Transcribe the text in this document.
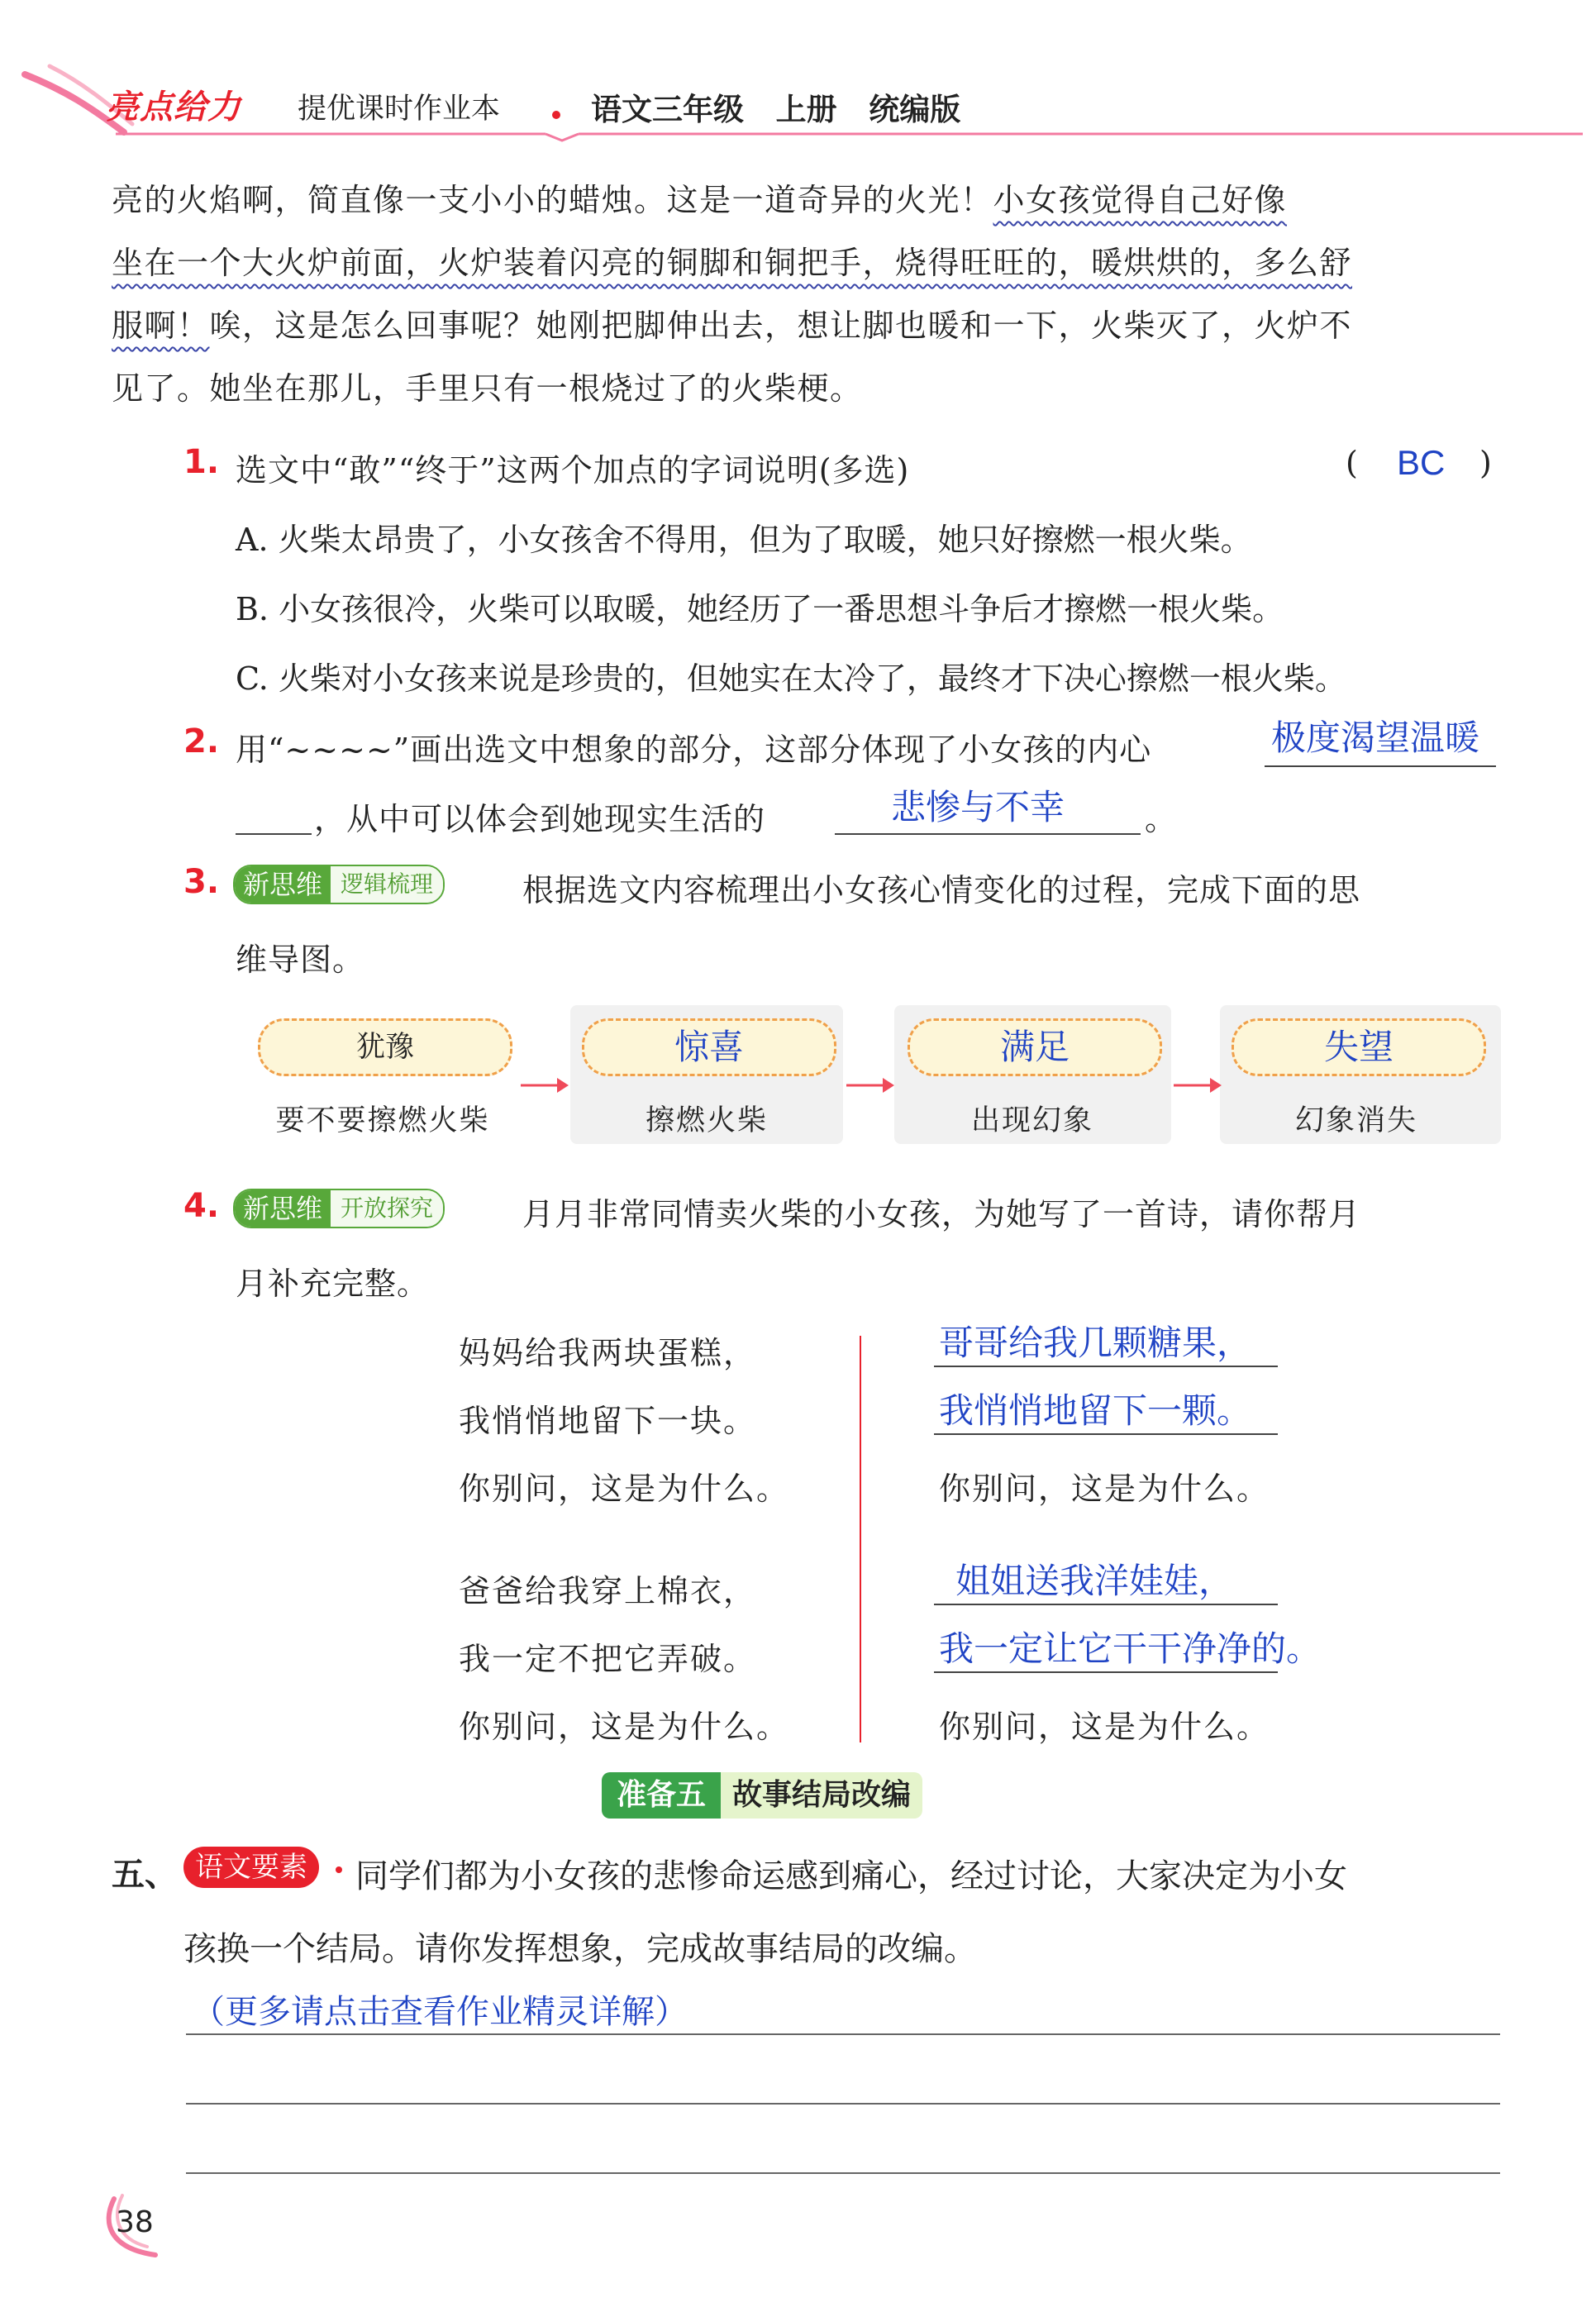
亮点给力 提优课时作业本	语文三年级   上册   统编版
亮的火焰啊，简直像一支小小的蜡烛。这是一道奇异的火光！小女孩觉得自己好像
坐在一个大火炉前面，火炉装着闪亮的铜脚和铜把手，烧得旺旺的，暖烘烘的，多么舒
服啊！唉，这是怎么回事呢？她刚把脚伸出去，想让脚也暖和一下，火柴灭了，火炉不
见了。她坐在那儿，手里只有一根烧过了的火柴梗。
1. 选文中“敢”“终于”这两个加点的字词说明(多选)	( BC )
A. 火柴太昂贵了，小女孩舍不得用，但为了取暖，她只好擦燃一根火柴。
B. 小女孩很冷，火柴可以取暖，她经历了一番思想斗争后才擦燃一根火柴。
C. 火柴对小女孩来说是珍贵的，但她实在太冷了，最终才下决心擦燃一根火柴。
2. 用“~~~~”画出选文中想象的部分，这部分体现了小女孩的内心	极度渴望温暖
，从中可以体会到她现实生活的	悲惨与不幸	。
3. 新思维 逻辑梳理	根据选文内容梳理出小女孩心情变化的过程，完成下面的思
维导图。
犹豫	惊喜	满足	失望
要不要擦燃火柴	擦燃火柴	出现幻象	幻象消失
4. 新思维 开放探究	月月非常同情卖火柴的小女孩，为她写了一首诗，请你帮月
月补充完整。
妈妈给我两块蛋糕，
我悄悄地留下一块。
你别问，这是为什么。
爸爸给我穿上棉衣，
我一定不把它弄破。
你别问，这是为什么。
哥哥给我几颗糖果，
我悄悄地留下一颗。
你别问，这是为什么。
姐姐送我洋娃娃，
我一定让它干干净净的。
你别问，这是为什么。
准备五 故事结局改编
五、 语文要素	同学们都为小女孩的悲惨命运感到痛心，经过讨论，大家决定为小女
孩换一个结局。请你发挥想象，完成故事结局的改编。
（更多请点击查看作业精灵详解）
38
